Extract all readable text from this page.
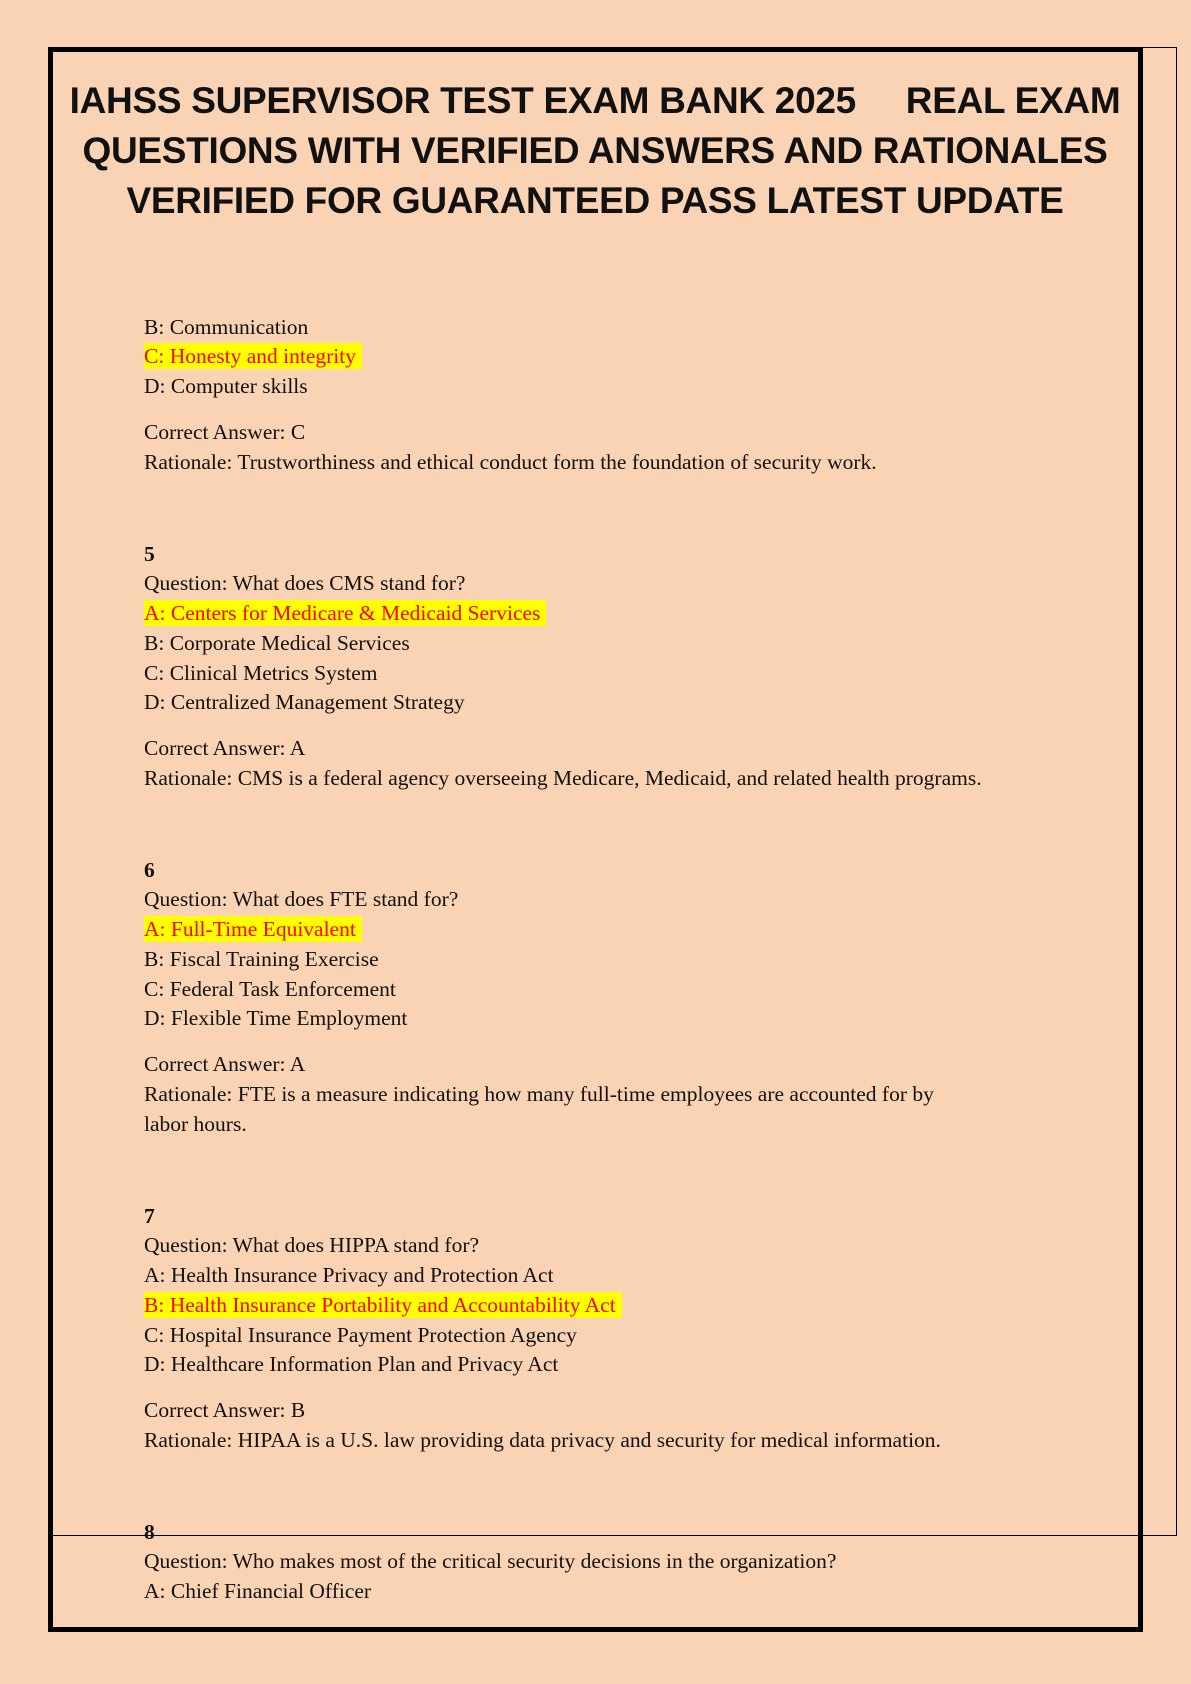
IAHSS SUPERVISOR TEST EXAM BANK 2025     REAL EXAM QUESTIONS WITH VERIFIED ANSWERS AND RATIONALES VERIFIED FOR GUARANTEED PASS LATEST UPDATE
B: Communication
C: Honesty and integrity
D: Computer skills
Correct Answer: C
Rationale: Trustworthiness and ethical conduct form the foundation of security work.
5
Question: What does CMS stand for?
A: Centers for Medicare & Medicaid Services
B: Corporate Medical Services
C: Clinical Metrics System
D: Centralized Management Strategy
Correct Answer: A
Rationale: CMS is a federal agency overseeing Medicare, Medicaid, and related health programs.
6
Question: What does FTE stand for?
A: Full-Time Equivalent
B: Fiscal Training Exercise
C: Federal Task Enforcement
D: Flexible Time Employment
Correct Answer: A
Rationale: FTE is a measure indicating how many full-time employees are accounted for by
labor hours.
7
Question: What does HIPPA stand for?
A: Health Insurance Privacy and Protection Act
B: Health Insurance Portability and Accountability Act
C: Hospital Insurance Payment Protection Agency
D: Healthcare Information Plan and Privacy Act
Correct Answer: B
Rationale: HIPAA is a U.S. law providing data privacy and security for medical information.
8
Question: Who makes most of the critical security decisions in the organization?
A: Chief Financial Officer
